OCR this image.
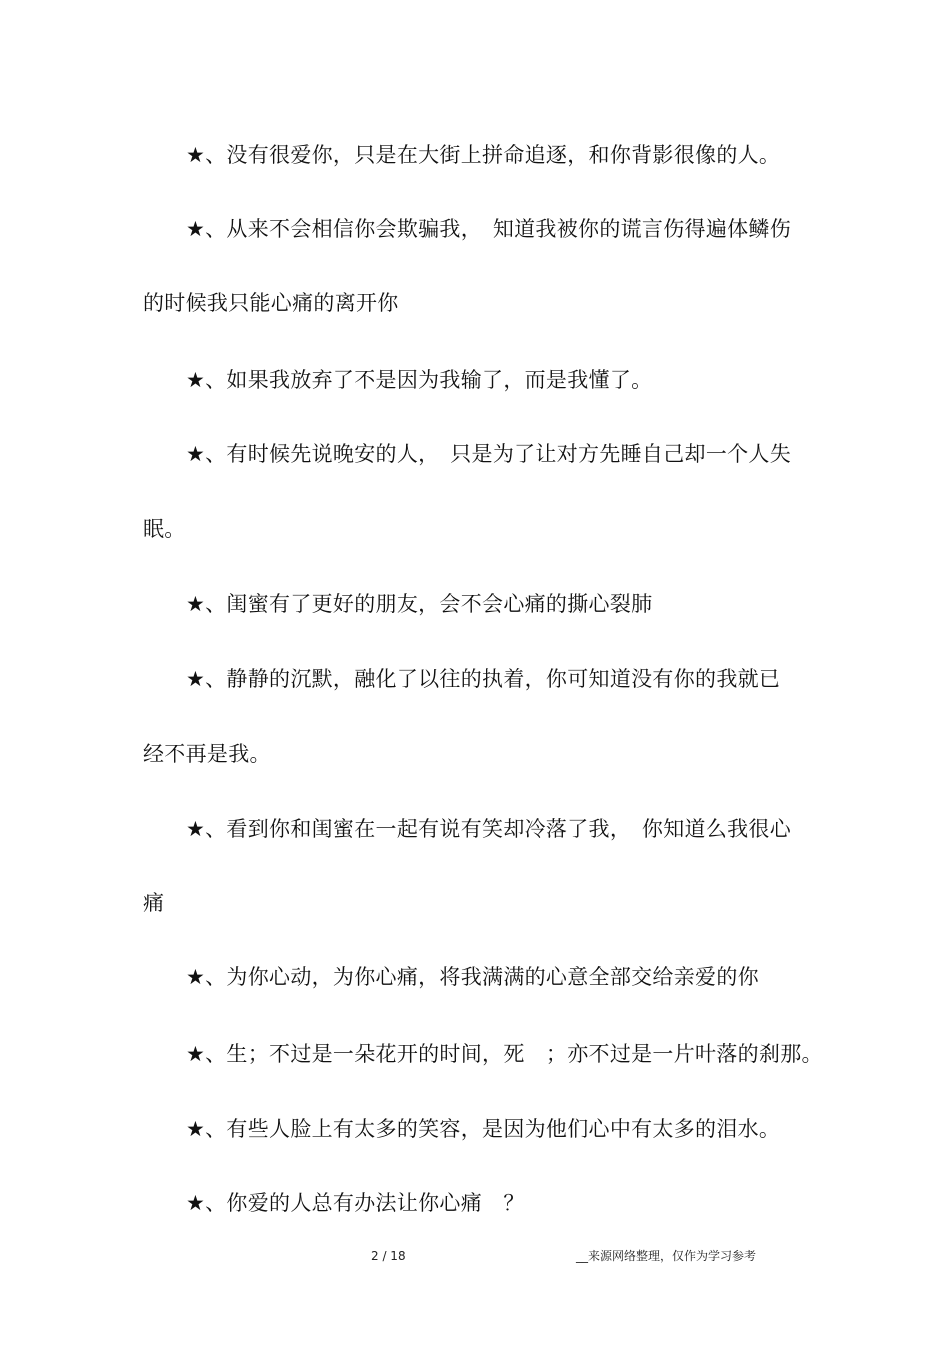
★、没有很爱你，只是在大街上拼命追逐，和你背影很像的人。
★、从来不会相信你会欺骗我，　知道我被你的谎言伤得遍体鳞伤
的时候我只能心痛的离开你
★、如果我放弃了不是因为我输了，而是我懂了。
★、有时候先说晚安的人，　只是为了让对方先睡自己却一个人失
眠。
★、闺蜜有了更好的朋友，会不会心痛的撕心裂肺
★、静静的沉默，融化了以往的执着，你可知道没有你的我就已
经不再是我。
★、看到你和闺蜜在一起有说有笑却冷落了我，　你知道么我很心
痛
★、为你心动，为你心痛，将我满满的心意全部交给亲爱的你
★、生；不过是一朵花开的时间，死　；亦不过是一片叶落的刹那。
★、有些人脸上有太多的笑容，是因为他们心中有太多的泪水。
★、你爱的人总有办法让你心痛　？
2 / 18	__来源网络整理，仅作为学习参考
